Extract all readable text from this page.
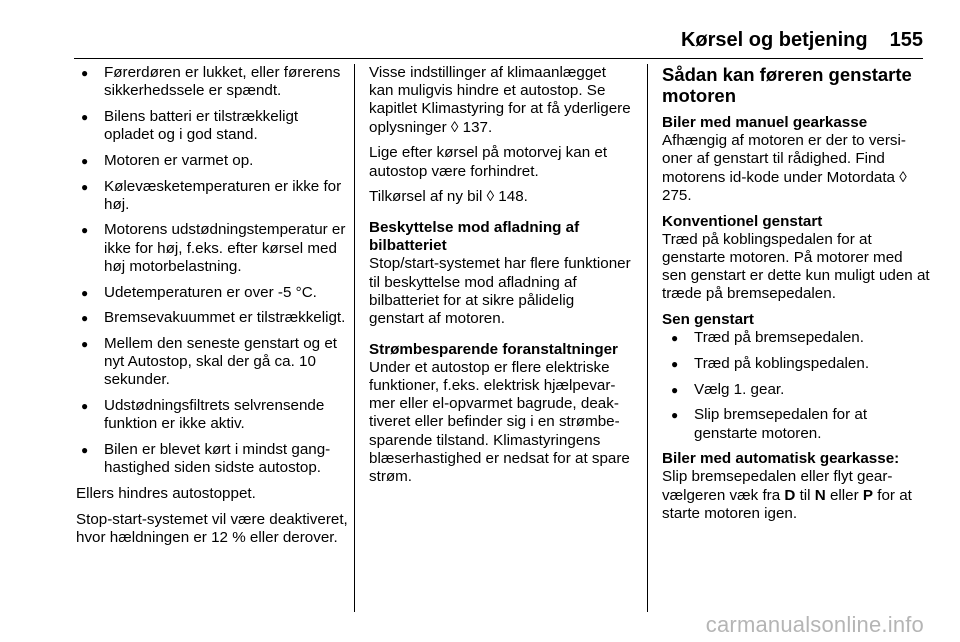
Kørsel og betjening 155
● Førerdøren er lukket, eller førerens sikkerhedssele er spændt.
● Bilens batteri er tilstrækkeligt opladet og i god stand.
● Motoren er varmet op.
● Kølevæsketemperaturen er ikke for høj.
● Motorens udstødningstemperatur er ikke for høj, f.eks. efter kørsel med høj motorbelastning.
● Udetemperaturen er over -5 °C.
● Bremsevakuummet er tilstrækkeligt.
● Mellem den seneste genstart og et nyt Autostop, skal der gå ca. 10 sekunder.
● Udstødningsfiltrets selvrensende funktion er ikke aktiv.
● Bilen er blevet kørt i mindst ganghastighed siden sidste autostop.

Ellers hindres autostoppet.

Stop-start-systemet vil være deaktiveret, hvor hældningen er 12 % eller derover.

Visse indstillinger af klimaanlægget kan muligvis hindre et autostop. Se kapitlet Klimastyring for at få yderligere oplysninger ◊ 137.

Lige efter kørsel på motorvej kan et autostop være forhindret.

Tilkørsel af ny bil ◊ 148.

Beskyttelse mod afladning af bilbatteriet

Stop/start-systemet har flere funktioner til beskyttelse mod afladning af bilbatteriet for at sikre pålidelig genstart af motoren.

Strømbesparende foranstaltninger

Under et autostop er flere elektriske funktioner, f.eks. elektrisk hjælpevarmer eller el-opvarmet bagrude, deaktiveret eller befinder sig i en strømbesparende tilstand. Klimastyringens blæserhastighed er nedsat for at spare strøm.

Sådan kan føreren genstarte motoren

Biler med manuel gearkasse

Afhængig af motoren er der to versioner af genstart til rådighed. Find motorens id-kode under Motordata ◊ 275.

Konventionel genstart

Træd på koblingspedalen for at genstarte motoren. På motorer med sen genstart er dette kun muligt uden at træde på bremsepedalen.

Sen genstart

● Træd på bremsepedalen.
● Træd på koblingspedalen.
● Vælg 1. gear.
● Slip bremsepedalen for at genstarte motoren.

Biler med automatisk gearkasse:

Slip bremsepedalen eller flyt gearvælgeren væk fra D til N eller P for at starte motoren igen.

carmanualsonline.info
